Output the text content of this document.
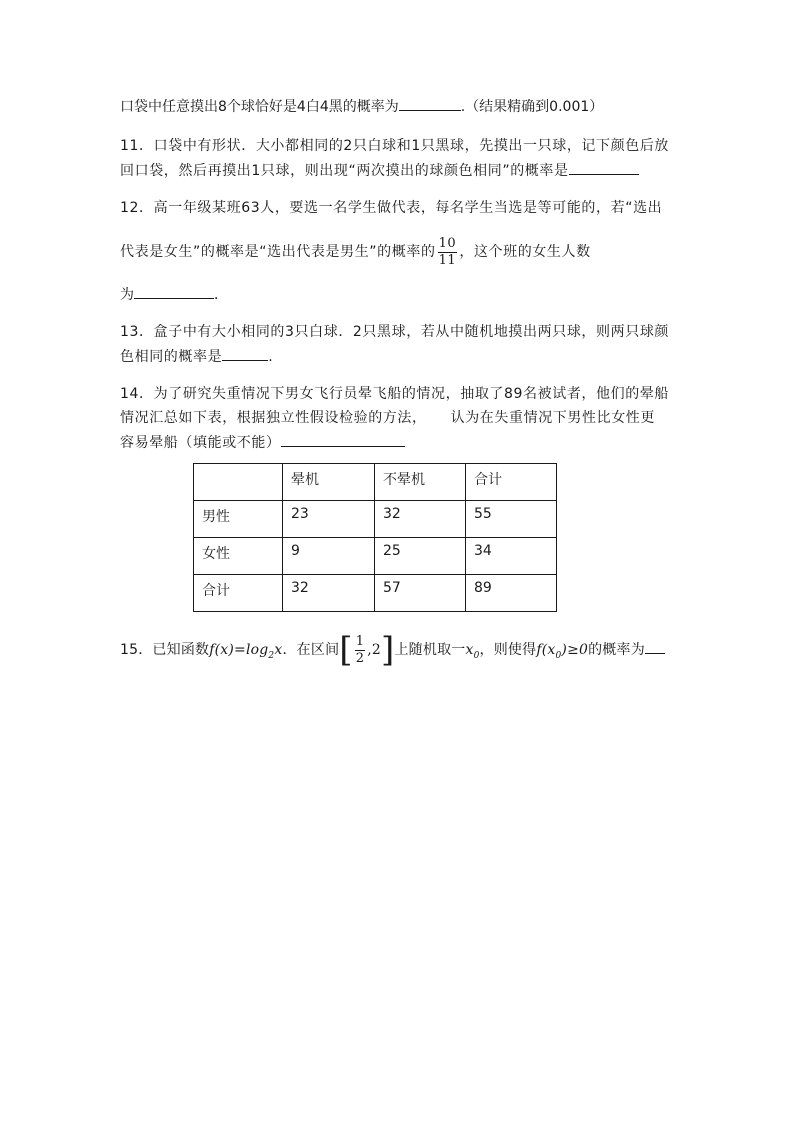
口袋中任意摸出8个球恰好是4白4黑的概率为	.（结果精确到0.001）
11．口袋中有形状．大小都相同的2只白球和1只黑球，先摸出一只球，记下颜色后放
回口袋，然后再摸出1只球，则出现“两次摸出的球颜色相同”的概率是
12．高一年级某班63人，要选一名学生做代表，每名学生当选是等可能的，若“选出
代表是女生”的概率是“选出代表是男生”的概率的 $\frac{10}{11}$ ，这个班的女生人数
为	．
13．盒子中有大小相同的3只白球．2只黑球，若从中随机地摸出两只球，则两只球颜
色相同的概率是	.
14．为了研究失重情况下男女飞行员晕飞船的情况，抽取了89名被试者，他们的晕船
情况汇总如下表，根据独立性假设检验的方法， 认为在失重情况下男性比女性更
容易晕船（填能或不能）
	晕机	不晕机	合计
男性	23	32	55
女性	9	25	34
合计	32	57	89
15．已知函数$f(x)=\log_2x$．在区间[ $\frac{1}{2} ,2$]上随机取一$x_0$，则使得$f(x_0)\ge 0$的概率为
